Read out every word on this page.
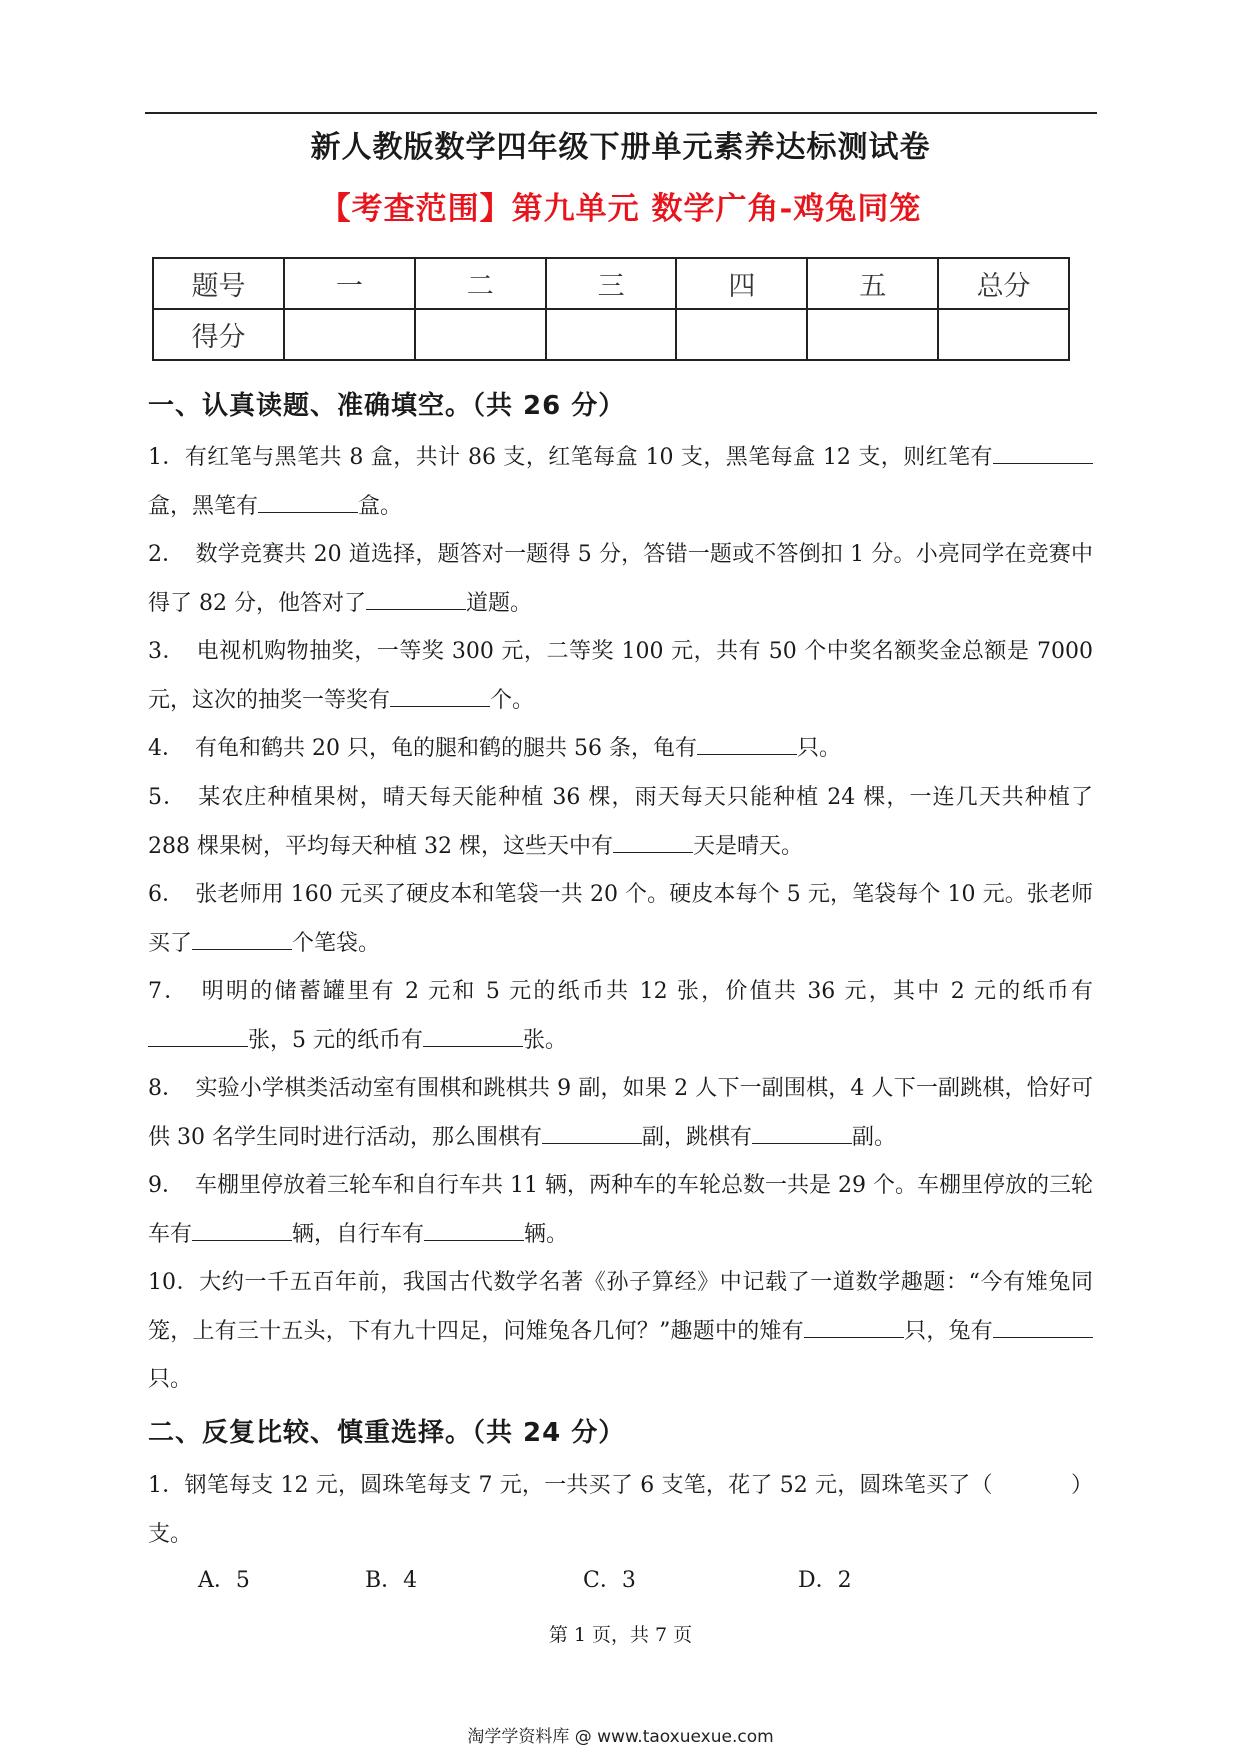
新人教版数学四年级下册单元素养达标测试卷
【考查范围】第九单元 数学广角-鸡兔同笼
题号	一	二	三	四	五	总分
得分						
一、认真读题、准确填空。（共 26 分）
1．有红笔与黑笔共 8 盒，共计 86 支，红笔每盒 10 支，黑笔每盒 12 支，则红笔有盒，黑笔有	盒。
2．　数学竞赛共 20 道选择，题答对一题得 5 分，答错一题或不答倒扣 1 分。小亮同学在竞赛中得了 82 分，他答对了	道题。
3．　电视机购物抽奖，一等奖 300 元，二等奖 100 元，共有 50 个中奖名额奖金总额是 7000 元，这次的抽奖一等奖有	个。
4．　有龟和鹤共 20 只，龟的腿和鹤的腿共 56 条，龟有	只。
5．　某农庄种植果树，晴天每天能种植 36 棵，雨天每天只能种植 24 棵，一连几天共种植了 288 棵果树，平均每天种植 32 棵，这些天中有	天是晴天。
6．　张老师用 160 元买了硬皮本和笔袋一共 20 个。硬皮本每个 5 元，笔袋每个 10 元。张老师买了	个笔袋。
7．　明明的储蓄罐里有 2 元和 5 元的纸币共 12 张，价值共 36 元，其中 2 元的纸币有张，5 元的纸币有	张。
8．　实验小学棋类活动室有围棋和跳棋共 9 副，如果 2 人下一副围棋，4 人下一副跳棋，恰好可供 30 名学生同时进行活动，那么围棋有	副，跳棋有	副。
9．　车棚里停放着三轮车和自行车共 11 辆，两种车的车轮总数一共是 29 个。车棚里停放的三轮车有	辆，自行车有	辆。
10．大约一千五百年前，我国古代数学名著《孙子算经》中记载了一道数学趣题：“今有雉兔同笼，上有三十五头，下有九十四足，问雉兔各几何？”趣题中的雉有	只，兔有只。
二、反复比较、慎重选择。（共 24 分）
1．钢笔每支 12 元，圆珠笔每支 7 元，一共买了 6 支笔，花了 52 元，圆珠笔买了（	）支。
A．5	B．4	C．3	D．2
第 1 页，共 7 页
淘学学资料库 @ www.taoxuexue.com
